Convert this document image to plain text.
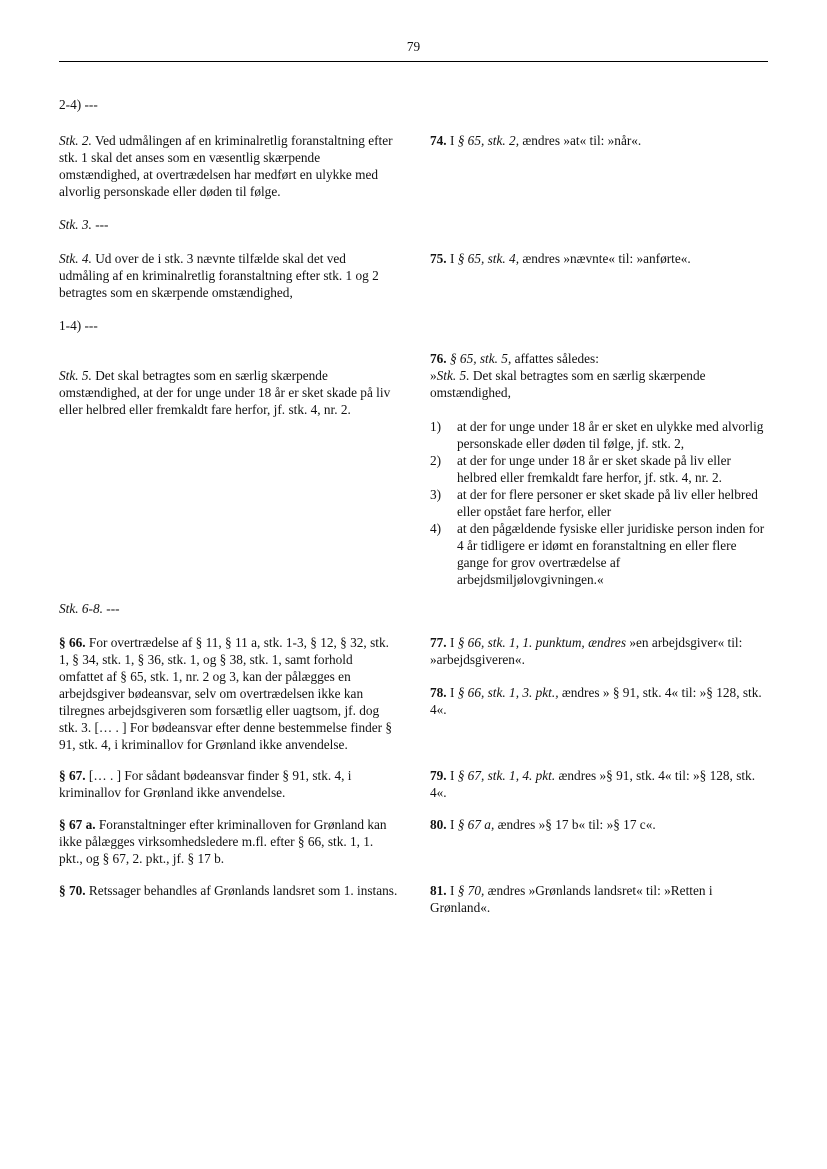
79

2-4) ---

Stk. 2. Ved udmålingen af en kriminalretlig foranstaltning efter stk. 1 skal det anses som en væsentlig skærpende omstændighed, at overtrædelsen har medført en ulykke med alvorlig personskade eller døden til følge.

Stk. 3. ---

Stk. 4. Ud over de i stk. 3 nævnte tilfælde skal det ved udmåling af en kriminalretlig foranstaltning efter stk. 1 og 2 betragtes som en skærpende omstændighed,

1-4) ---

Stk. 5. Det skal betragtes som en særlig skærpende omstændighed, at der for unge under 18 år er sket skade på liv eller helbred eller fremkaldt fare herfor, jf. stk. 4, nr. 2.

Stk. 6-8. ---

§ 66. For overtrædelse af § 11, § 11 a, stk. 1-3, § 12, § 32, stk. 1, § 34, stk. 1, § 36, stk. 1, og § 38, stk. 1, samt forhold omfattet af § 65, stk. 1, nr. 2 og 3, kan der pålægges en arbejdsgiver bødeansvar, selv om overtrædelsen ikke kan tilregnes arbejdsgiveren som forsætlig eller uagtsom, jf. dog stk. 3. [… . ] For bødeansvar efter denne bestemmelse finder § 91, stk. 4, i kriminallov for Grønland ikke anvendelse.

§ 67. [… . ] For sådant bødeansvar finder § 91, stk. 4, i kriminallov for Grønland ikke anvendelse.

§ 67 a. Foranstaltninger efter kriminalloven for Grønland kan ikke pålægges virksomhedsledere m.fl. efter § 66, stk. 1, 1. pkt., og § 67, 2. pkt., jf. § 17 b.

§ 70. Retssager behandles af Grønlands landsret som 1. instans.

74. I § 65, stk. 2, ændres »at« til: »når«.

75. I § 65, stk. 4, ændres »nævnte« til: »anførte«.

76. § 65, stk. 5, affattes således:
»Stk. 5. Det skal betragtes som en særlig skærpende omstændighed,

1) at der for unge under 18 år er sket en ulykke med alvorlig personskade eller døden til følge, jf. stk. 2,
2) at der for unge under 18 år er sket skade på liv eller helbred eller fremkaldt fare herfor, jf. stk. 4, nr. 2.
3) at der for flere personer er sket skade på liv eller helbred eller opstået fare herfor, eller
4) at den pågældende fysiske eller juridiske person inden for 4 år tidligere er idømt en foranstaltning en eller flere gange for grov overtrædelse af arbejdsmiljølovgivningen.«

77. I § 66, stk. 1, 1. punktum, ændres »en arbejdsgiver« til: »arbejdsgiveren«.

78. I § 66, stk. 1, 3. pkt., ændres » § 91, stk. 4« til: »§ 128, stk. 4«.

79. I § 67, stk. 1, 4. pkt. ændres »§ 91, stk. 4« til: »§ 128, stk. 4«.

80. I § 67 a, ændres »§ 17 b« til: »§ 17 c«.

81. I § 70, ændres »Grønlands landsret« til: »Retten i Grønland«.
